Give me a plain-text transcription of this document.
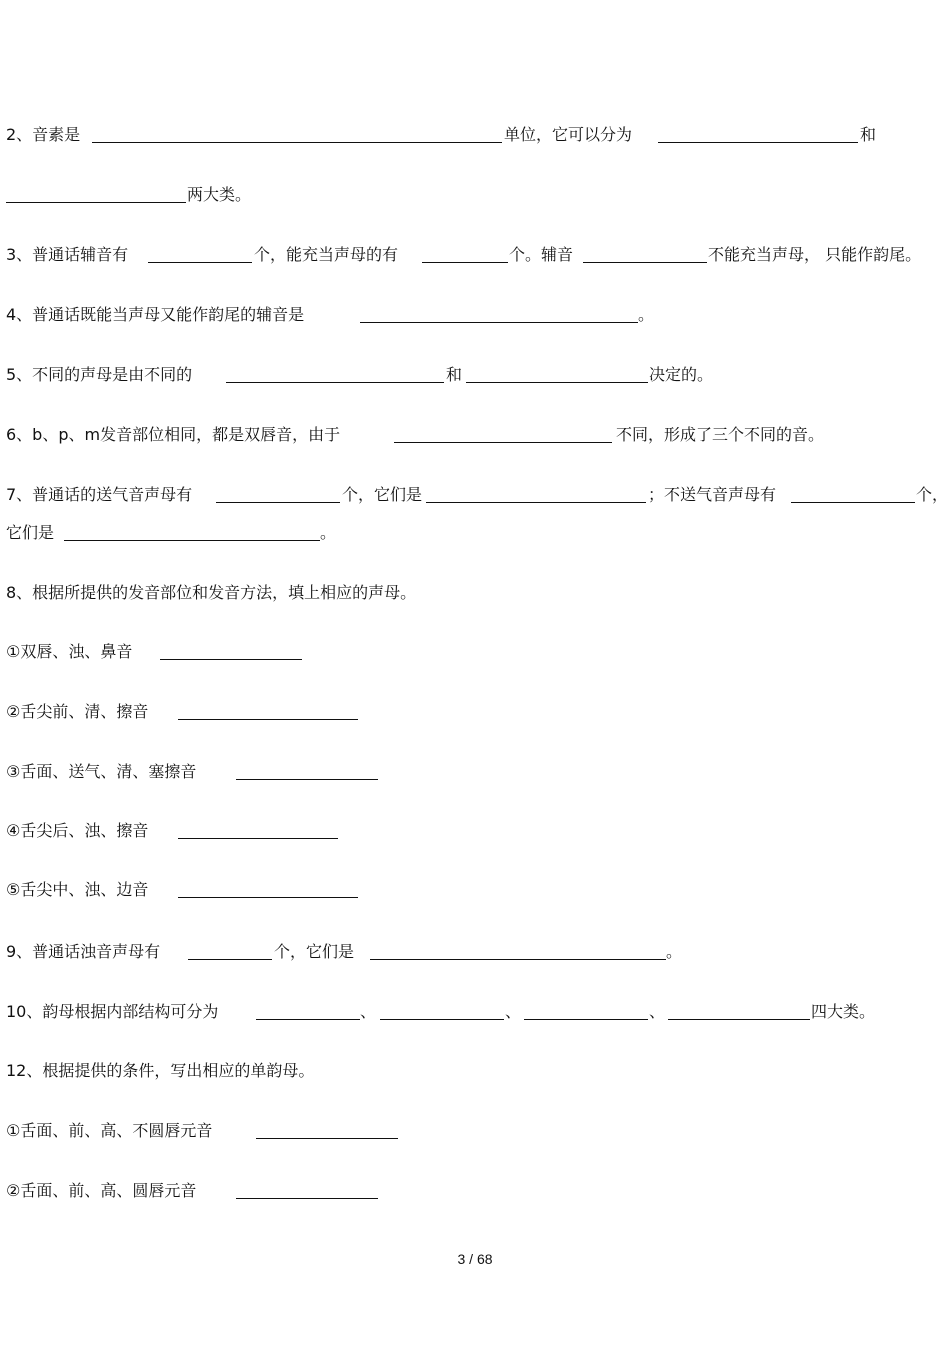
2、音素是	单位，它可以分为	和
两大类。
3、普通话辅音有	个，能充当声母的有	个。辅音	不能充当声母， 只能作韵尾。
4、普通话既能当声母又能作韵尾的辅音是	。
5、不同的声母是由不同的	和	决定的。
6、b、p、m发音部位相同，都是双唇音，由于	不同，形成了三个不同的音。
7、普通话的送气音声母有	个，它们是	；不送气音声母有	个，
它们是	。
8、根据所提供的发音部位和发音方法，填上相应的声母。
①双唇、浊、鼻音
②舌尖前、清、擦音
③舌面、送气、清、塞擦音
④舌尖后、浊、擦音
⑤舌尖中、浊、边音
9、普通话浊音声母有	个，它们是	。
10、韵母根据内部结构可分为	、	、	、	四大类。
12、根据提供的条件，写出相应的单韵母。
①舌面、前、高、不圆唇元音
②舌面、前、高、圆唇元音
3 / 68
